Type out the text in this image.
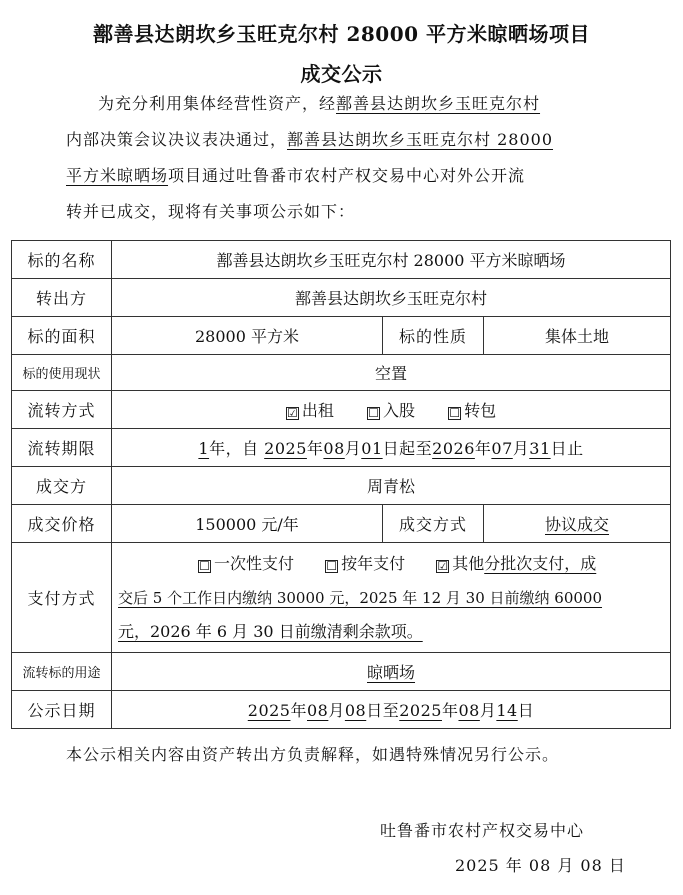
鄯善县达朗坎乡玉旺克尔村 28000 平方米晾晒场项目
成交公示
为充分利用集体经营性资产，经鄯善县达朗坎乡玉旺克尔村
内部决策会议决议表决通过，鄯善县达朗坎乡玉旺克尔村 28000
平方米晾晒场项目通过吐鲁番市农村产权交易中心对外公开流
转并已成交，现将有关事项公示如下：
标的名称	鄯善县达朗坎乡玉旺克尔村 28000 平方米晾晒场		
转出方	鄯善县达朗坎乡玉旺克尔村		
标的面积	28000 平方米	标的性质	集体土地
标的使用现状	空置		
流转方式	☑ 出租 ☐ 入股 ☐ 转包		
流转期限	1年，自 2025年08月01日起至2026年07月31日止		
成交方	周青松		
成交价格	150000 元/年	成交方式	协议成交
支付方式	☐ 一次性支付 ☐ 按年支付 ☑ 其他分批次支付，成
交后 5 个工作日内缴纳 30000 元，2025 年 12 月 30 日前缴纳 60000
元，2026 年 6 月 30 日前缴清剩余款项。		

流转标的用途	晾晒场		
公示日期	2025年08月08日至2025年08月14日		
本公示相关内容由资产转出方负责解释，如遇特殊情况另行公示。
吐鲁番市农村产权交易中心
2025 年 08 月 08 日
